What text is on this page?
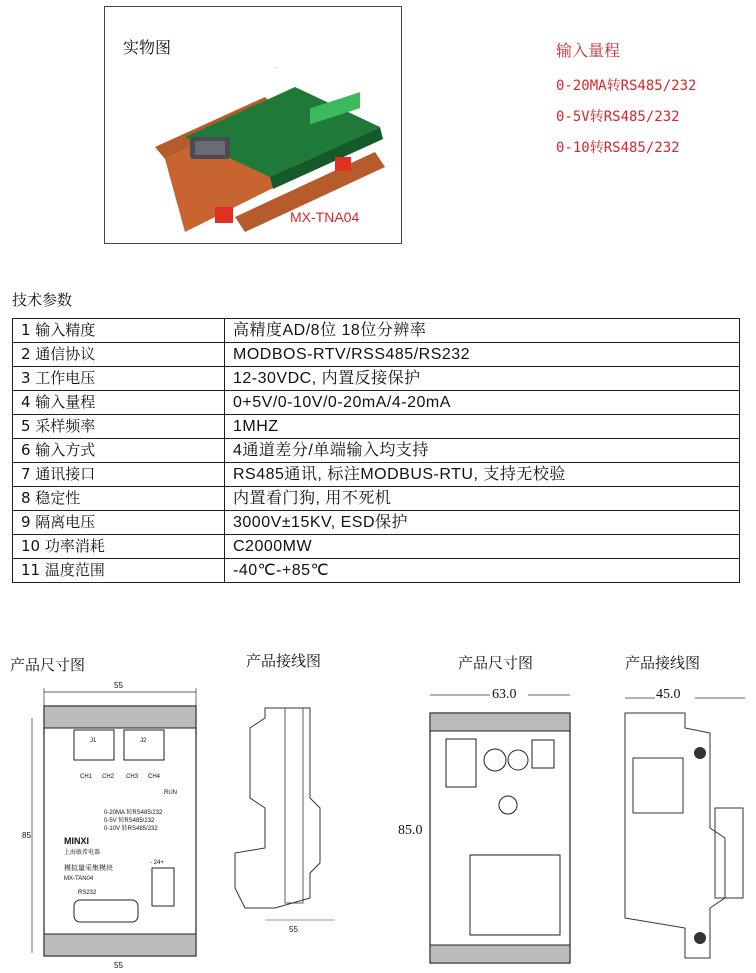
实物图
MX-TNA04
输入量程
0-20MA转RS485/232
0-5V转RS485/232
0-10转RS485/232
技术参数
1 输入精度	高精度AD/8位 18位分辨率
2 通信协议	MODBOS-RTV/RSS485/RS232
3 工作电压	12-30VDC, 内置反接保护
4 输入量程	0+5V/0-10V/0-20mA/4-20mA
5 采样频率	1MHZ
6 输入方式	4通道差分/单端输入均支持
7 通讯接口	RS485通讯, 标注MODBUS-RTU, 支持无校验
8 稳定性	内置看门狗, 用不死机
9 隔离电压	3000V±15KV, ESD保护
10 功率消耗	C2000MW
11 温度范围	-40℃-+85℃
产品尺寸图	产品接线图	产品尺寸图	产品接线图
55
85
J1	J2
CH1 CH2 CH3 CH4
RUN
0-20MA 转RS485/232
0-5V 转RS485/232
0-10V 转RS485/232
MINXI
上海敏希电器
模拟量采集模块
MX-TAN04
- 24+
RS232
55
55
63.0
85.0
45.0
